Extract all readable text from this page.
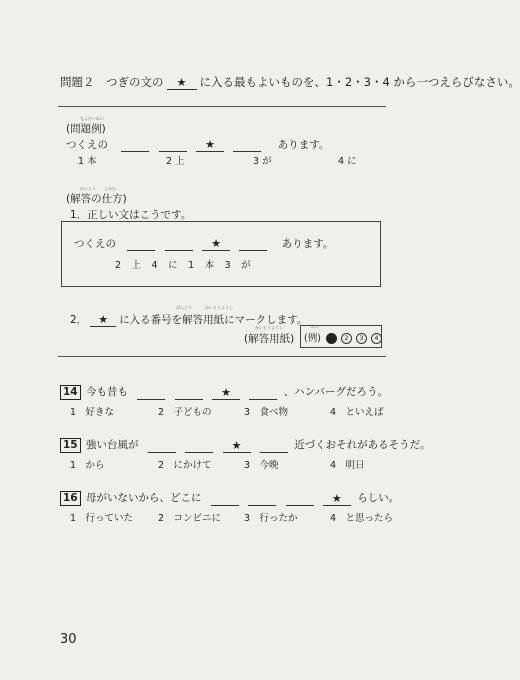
問題２　つぎの文の ★ に入る最もよいものを、1・2・3・4 から一つえらびなさい。
もんだいれい
(問題例)
つくえの	★	あります。
1 本	2 上	3 が	4 に
かいとう　　しかた
(解答の仕方)
1．正しい文はこうです。
つくえの	★	あります。
2　上　4　に　1　本　3　が
ばんごう	かいとうようし
2． ★ に入る番号を解答用紙にマークします。
かいとうようし
(解答用紙)
れい
(例)	2 3 4
14 今も昔も	★	、ハンバーグだろう。
1　好きな	2　子どもの	3　食べ物	4　といえば
15 強い台風が	★	近づくおそれがあるそうだ。
1　から	2　にかけて	3　今晩	4　明日
16 母がいないから、どこに	★ らしい。
1　行っていた	2　コンビニに 3　行ったか	4　と思ったら
30
